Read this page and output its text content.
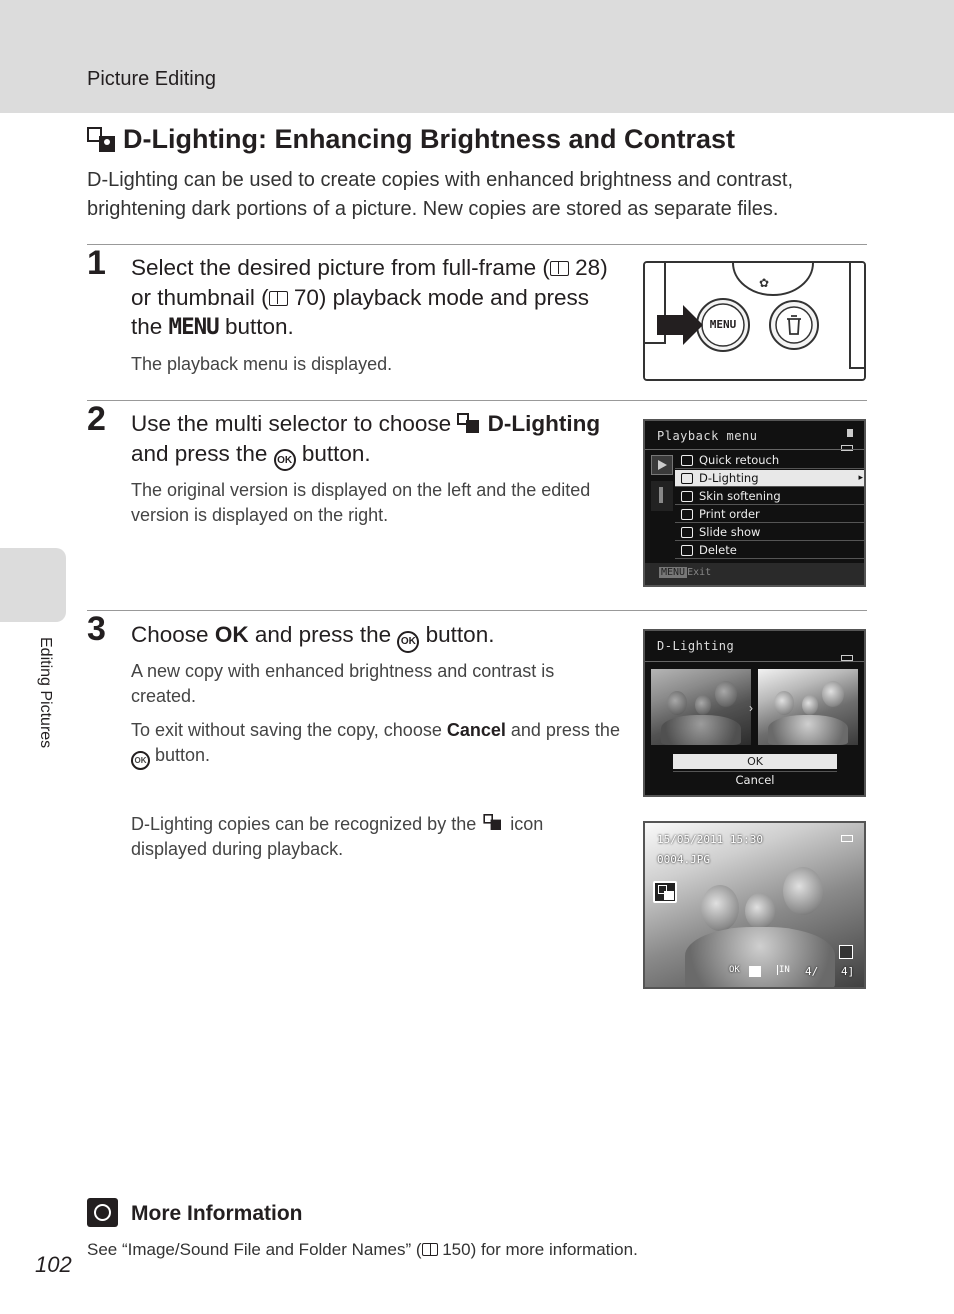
Picture Editing
Editing Pictures
D-Lighting: Enhancing Brightness and Contrast
D-Lighting can be used to create copies with enhanced brightness and contrast, brightening dark portions of a picture. New copies are stored as separate files.
1 Select the desired picture from full-frame ( 28) or thumbnail ( 70) playback mode and press the MENU button.
The playback menu is displayed.
✿
MENU
2 Use the multi selector to choose
D-Lighting and press the OK button.
The original version is displayed on the left and the edited version is displayed on the right.
Playback menu
Quick retouch
D-Lighting	▸
Skin softening
Print order
Slide show
Delete
MENU Exit
3 Choose OK and press the OK button.
A new copy with enhanced brightness and contrast is created.
To exit without saving the copy, choose Cancel and press the OK button.
D-Lighting copies can be recognized by the
icon displayed during playback.
D-Lighting
›
OK
Cancel
15/05/2011 15:30
0004.JPG
OK	IN 4/ 4]
More Information
See “Image/Sound File and Folder Names” ( 150) for more information.
102
